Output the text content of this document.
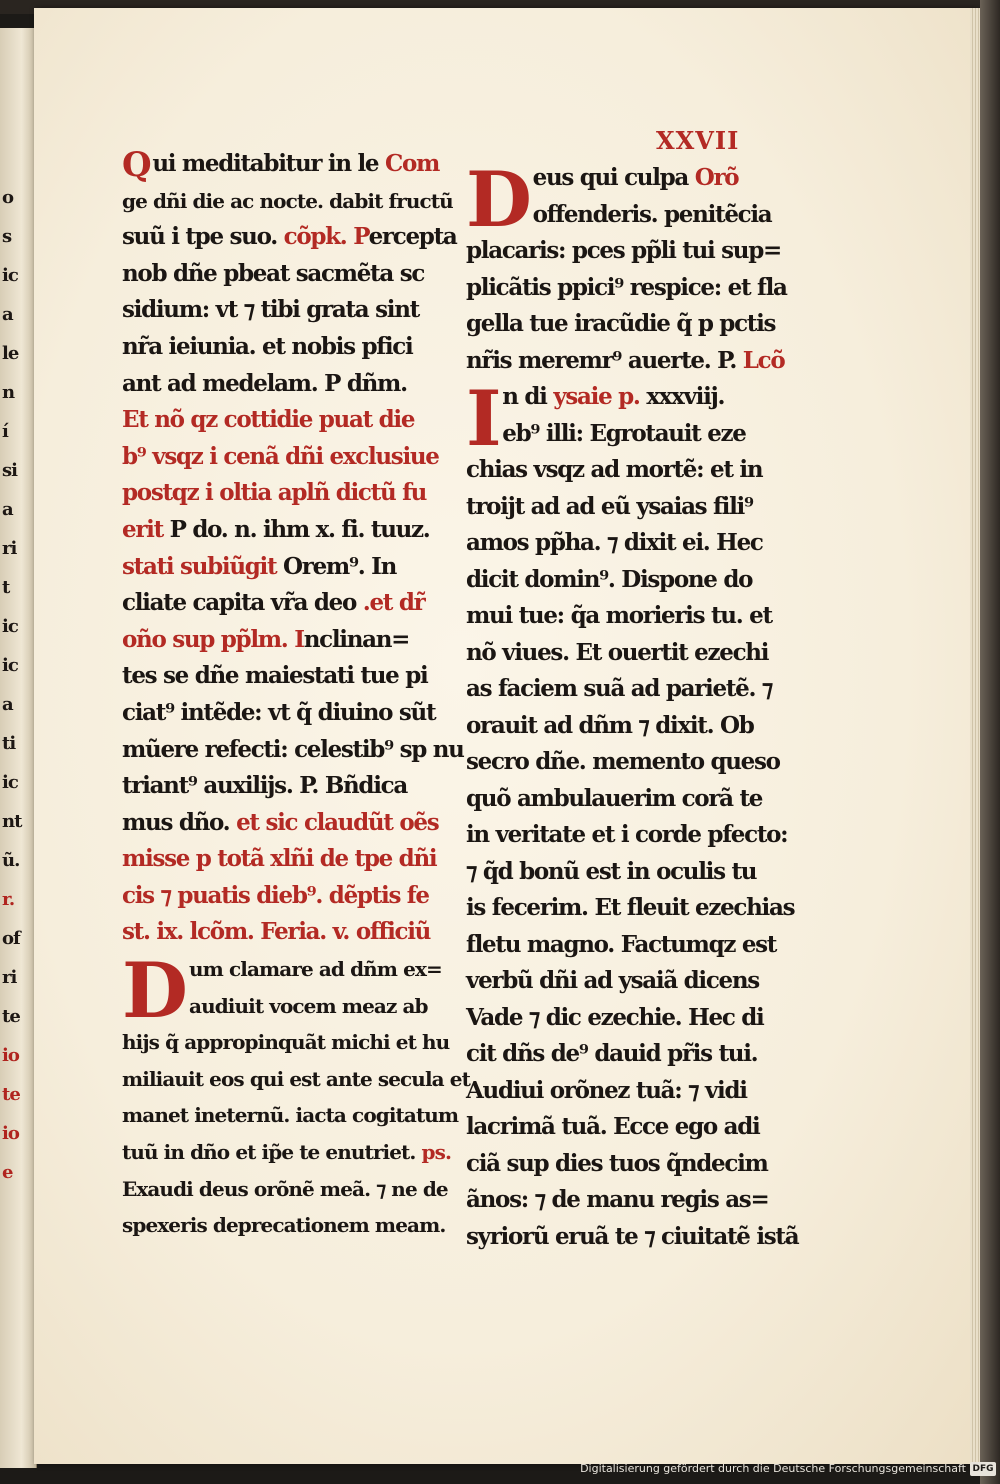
o
s
ic
a
le
n
í
si
a
ri
t
ic
ic
a
ti
ic
nt
ũ.
r.
of
ri
te
io
te
io
e
XXVII
Q ui meditabitur in le Com
ge dñi die ac nocte. dabit fructũ
suũ i tpe suo. cõpk. Percepta
nob dñe pbeat sacmẽta sc
sidium: vt ⁊ tibi grata sint
nr̃a ieiunia. et nobis pfici
ant ad medelam. P dñm.
Et nõ qz cottidie puat die
b⁹ vsqz i cenã dñi exclusiue
postqz i oltia aplñ dictũ fu
erit P do. n. ihm x. fi. tuuz.
stati subiũgit Orem⁹. In
cliate capita vr̃a deo .et dr̃
oño sup pp̃lm. Inclinan=
tes se dñe maiestati tue pi
ciat⁹ intẽde: vt q̃ diuino sũt
mũere refecti: celestib⁹ sp nu
triant⁹ auxilijs. P. Bñdica
mus dño. et sic claudũt oẽs
misse p totã xlñi de tpe dñi
cis ⁊ puatis dieb⁹. dẽptis fe
st. ix. lcõm. Feria. v. officiũ
Dum clamare ad dñm ex=
audiuit vocem meaz ab
hijs q̃ appropinquãt michi et hu
miliauit eos qui est ante secula et
manet ineternũ. iacta cogitatum
tuũ in dño et ip̃e te enutriet. ps.
Exaudi deus orõnẽ meã. ⁊ ne de
spexeris deprecationem meam.
Deus qui culpa Orõ
offenderis. penitẽcia
placaris: pces pp̃li tui sup=
plicãtis ppici⁹ respice: et fla
gella tue iracũdie q̃ p pctis
nr̃is meremr⁹ auerte. P. Lcõ
In di ysaie p. xxxviij.
eb⁹ illi: Egrotauit eze
chias vsqz ad mortẽ: et in
troijt ad ad eũ ysaias fili⁹
amos pp̃ha. ⁊ dixit ei. Hec
dicit domin⁹. Dispone do
mui tue: q̃a morieris tu. et
nõ viues. Et ouertit ezechi
as faciem suã ad parietẽ. ⁊
orauit ad dñm ⁊ dixit. Ob
secro dñe. memento queso
quõ ambulauerim corã te
in veritate et i corde pfecto:
⁊ q̃d bonũ est in oculis tu
is fecerim. Et fleuit ezechias
fletu magno. Factumqz est
verbũ dñi ad ysaiã dicens
Vade ⁊ dic ezechie. Hec di
cit dñs de⁹ dauid pr̃is tui.
Audiui orõnez tuã: ⁊ vidi
lacrimã tuã. Ecce ego adi
ciã sup dies tuos q̃ndecim
ãnos: ⁊ de manu regis as=
syriorũ eruã te ⁊ ciuitatẽ istã
Digitalisierung gefördert durch die Deutsche Forschungsgemeinschaft DFG
